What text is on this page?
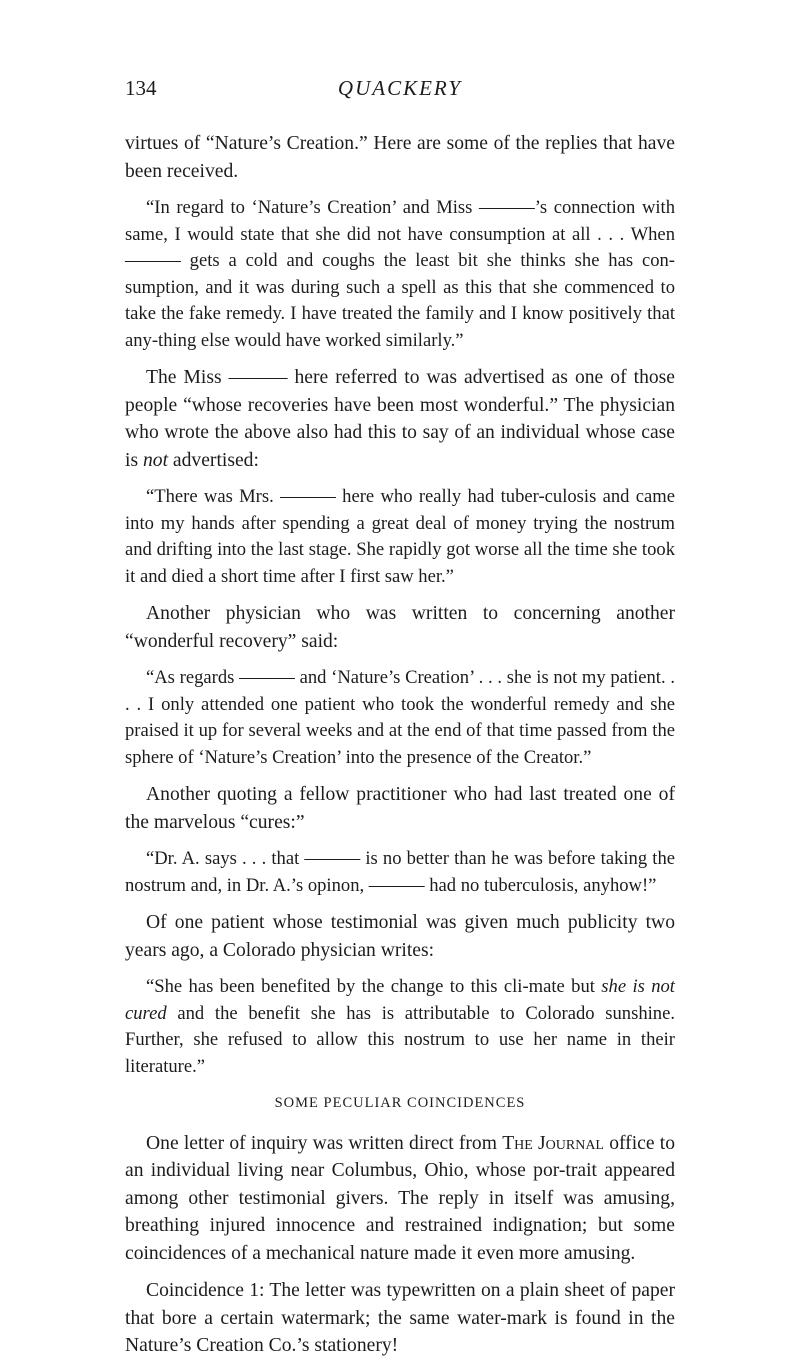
134	QUACKERY

virtues of “Nature’s Creation.” Here are some of the replies that have been received.

“In regard to ‘Nature’s Creation’ and Miss ———’s connection with same, I would state that she did not have consumption at all . . . When ——— gets a cold and coughs the least bit she thinks she has con-sumption, and it was during such a spell as this that she commenced to take the fake remedy. I have treated the family and I know positively that any-thing else would have worked similarly.”

The Miss ——— here referred to was advertised as one of those people “whose recoveries have been most wonderful.” The physician who wrote the above also had this to say of an individual whose case is not advertised:

“There was Mrs. ——— here who really had tuber-culosis and came into my hands after spending a great deal of money trying the nostrum and drifting into the last stage. She rapidly got worse all the time she took it and died a short time after I first saw her.”

Another physician who was written to concerning another “wonderful recovery” said:

“As regards ——— and ‘Nature’s Creation’ . . . she is not my patient. . . . I only attended one patient who took the wonderful remedy and she praised it up for several weeks and at the end of that time passed from the sphere of ‘Nature’s Creation’ into the presence of the Creator.”

Another quoting a fellow practitioner who had last treated one of the marvelous “cures:”

“Dr. A. says . . . that ——— is no better than he was before taking the nostrum and, in Dr. A.’s opinon, ——— had no tuberculosis, anyhow!”

Of one patient whose testimonial was given much publicity two years ago, a Colorado physician writes:

“She has been benefited by the change to this cli-mate but she is not cured and the benefit she has is attributable to Colorado sunshine. Further, she refused to allow this nostrum to use her name in their literature.”

SOME PECULIAR COINCIDENCES

One letter of inquiry was written direct from The Journal office to an individual living near Columbus, Ohio, whose por-trait appeared among other testimonial givers. The reply in itself was amusing, breathing injured innocence and restrained indignation; but some coincidences of a mechanical nature made it even more amusing.

Coincidence 1: The letter was typewritten on a plain sheet of paper that bore a certain watermark; the same water-mark is found in the Nature’s Creation Co.’s stationery!
